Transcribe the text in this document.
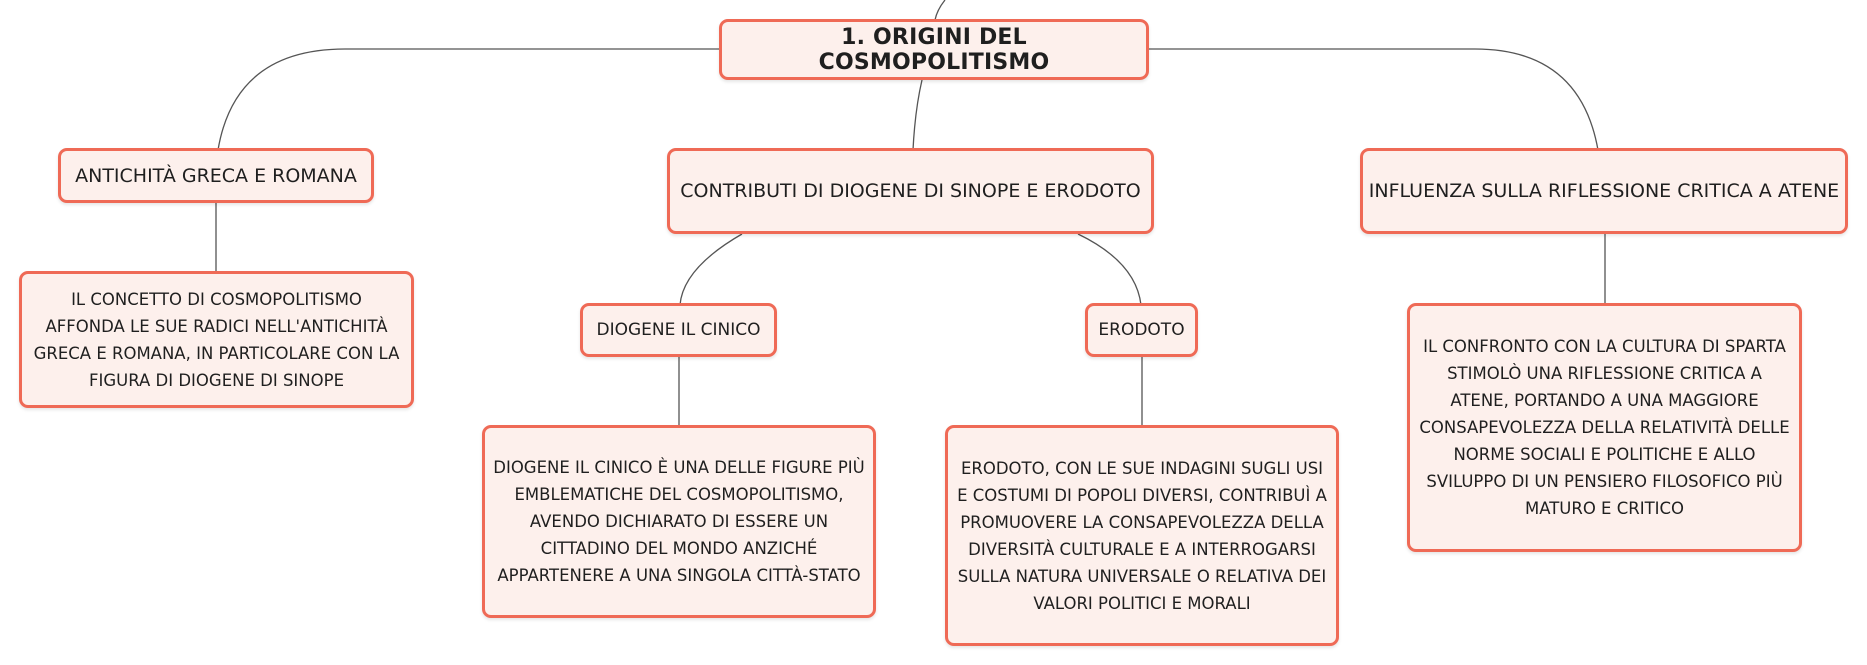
1. ORIGINI DEL COSMOPOLITISMO
ANTICHITÀ GRECA E ROMANA
CONTRIBUTI DI DIOGENE DI SINOPE E ERODOTO	INFLUENZA SULLA RIFLESSIONE CRITICA A ATENE
IL CONCETTO DI COSMOPOLITISMO AFFONDA LE SUE RADICI NELL'ANTICHITÀ GRECA E ROMANA, IN PARTICOLARE CON LA FIGURA DI DIOGENE DI SINOPE
DIOGENE IL CINICO	ERODOTO
DIOGENE IL CINICO È UNA DELLE FIGURE PIÙ EMBLEMATICHE DEL COSMOPOLITISMO, AVENDO DICHIARATO DI ESSERE UN CITTADINO DEL MONDO ANZICHÉ APPARTENERE A UNA SINGOLA CITTÀ-STATO
ERODOTO, CON LE SUE INDAGINI SUGLI USI E COSTUMI DI POPOLI DIVERSI, CONTRIBUÌ A PROMUOVERE LA CONSAPEVOLEZZA DELLA DIVERSITÀ CULTURALE E A INTERROGARSI SULLA NATURA UNIVERSALE O RELATIVA DEI VALORI POLITICI E MORALI
IL CONFRONTO CON LA CULTURA DI SPARTA STIMOLÒ UNA RIFLESSIONE CRITICA A ATENE, PORTANDO A UNA MAGGIORE CONSAPEVOLEZZA DELLA RELATIVITÀ DELLE NORME SOCIALI E POLITICHE E ALLO SVILUPPO DI UN PENSIERO FILOSOFICO PIÙ MATURO E CRITICO
